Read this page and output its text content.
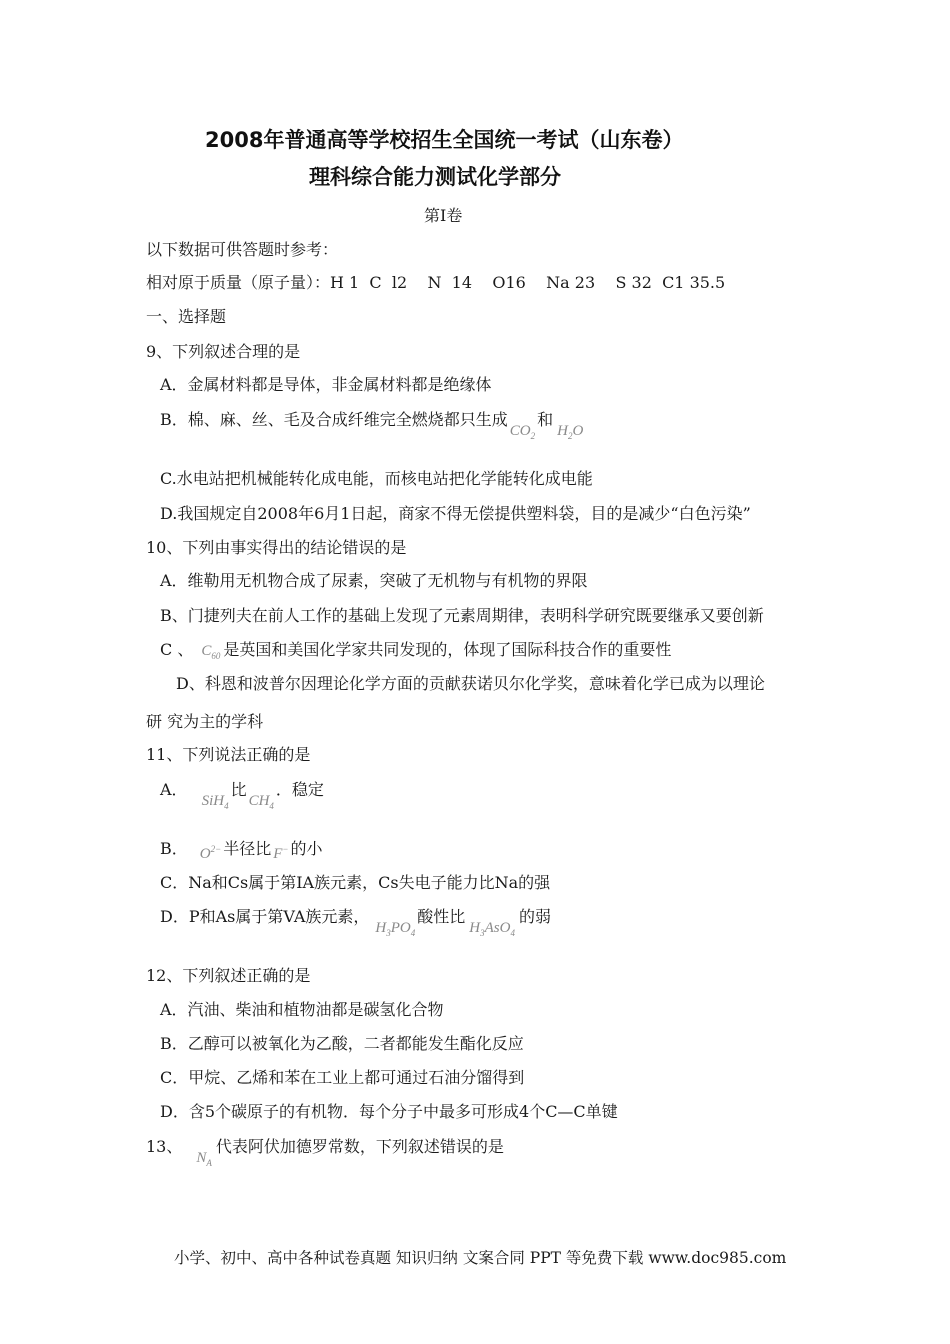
2008年普通高等学校招生全国统一考试（山东卷）
理科综合能力测试化学部分
第Ⅰ卷
以下数据可供答题时参考：
相对原于质量（原子量）：H 1  C  l2    N  14    O16    Na 23    S 32  C1 35.5
一、选择题
9、下列叙述合理的是
A．金属材料都是导体，非金属材料都是绝缘体
B．棉、麻、丝、毛及合成纤维完全燃烧都只生成$CO_2$和$H_2O$
C.水电站把机械能转化成电能，而核电站把化学能转化成电能
D.我国规定自2008年6月1日起，商家不得无偿提供塑料袋，目的是减少“白色污染”
10、下列由事实得出的结论错误的是
A．维勒用无机物合成了尿素，突破了无机物与有机物的界限
B、门捷列夫在前人工作的基础上发现了元素周期律，表明科学研究既要继承又要创新
C 、 $C_{60}$ 是英国和美国化学家共同发现的，体现了国际科技合作的重要性
D、科恩和波普尔因理论化学方面的贡献获诺贝尔化学奖，意味着化学已成为以理论
研 究为主的学科
11、下列说法正确的是
A．SiH$_4$比$CH_4$．稳定
B． $O^{2-}$ 半径比 F− 的小
C．Na和Cs属于第IA族元素，Cs失电子能力比Na的强
D．P和As属于第VA族元素，$H_3PO_4$酸性比$H_3AsO_4$的弱
12、下列叙述正确的是
A．汽油、柴油和植物油都是碳氢化合物
B．乙醇可以被氧化为乙酸，二者都能发生酯化反应
C．甲烷、乙烯和苯在工业上都可通过石油分馏得到
D．含5个碳原子的有机物．每个分子中最多可形成4个C—C单键
13、$N_A$代表阿伏加德罗常数，下列叙述错误的是
小学、初中、高中各种试卷真题 知识归纳 文案合同 PPT 等免费下载 www.doc985.com
